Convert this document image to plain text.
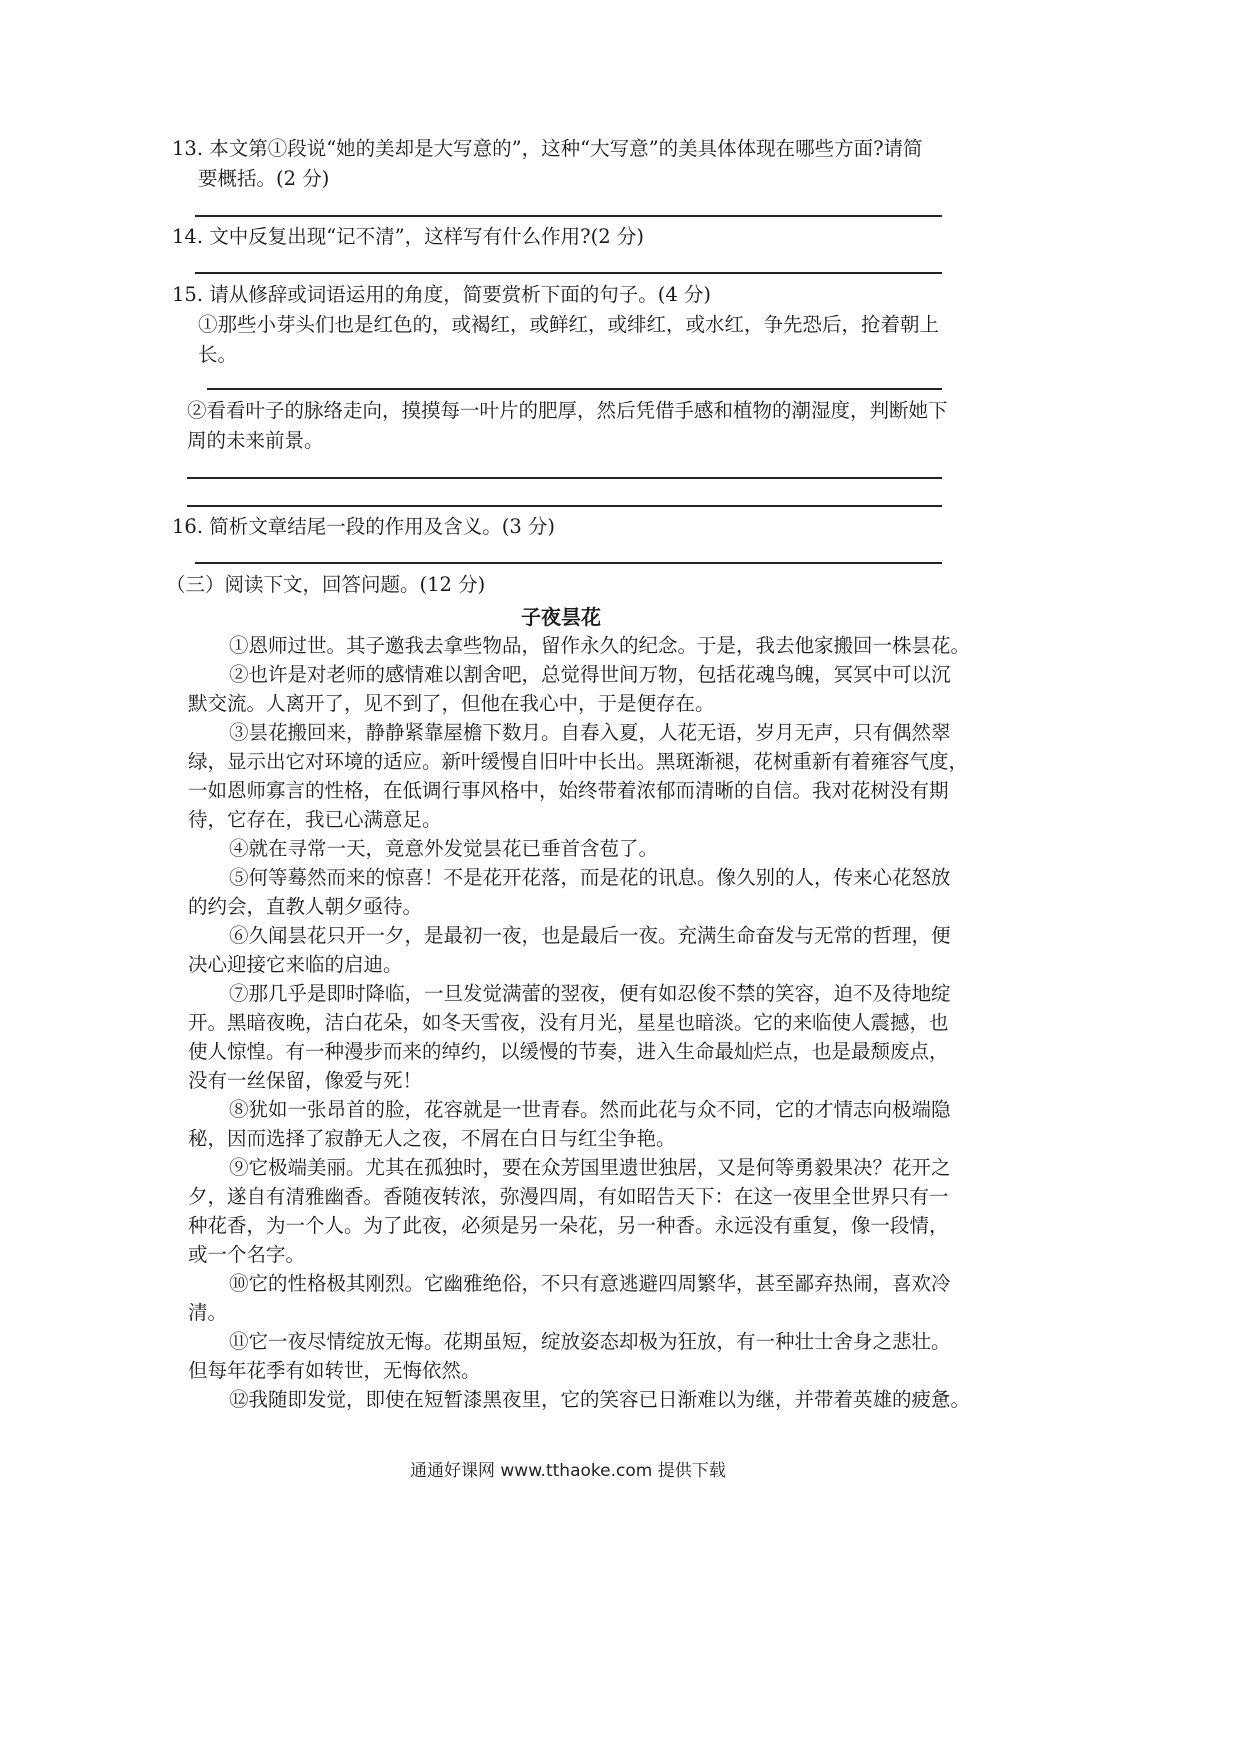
13. 本文第①段说“她的美却是大写意的”，这种“大写意”的美具体体现在哪些方面?请简
要概括。(2 分)
14. 文中反复出现“记不清”，这样写有什么作用?(2 分)
15. 请从修辞或词语运用的角度，简要赏析下面的句子。(4 分)
①那些小芽头们也是红色的，或褐红，或鲜红，或绯红，或水红，争先恐后，抢着朝上
长。
②看看叶子的脉络走向，摸摸每一叶片的肥厚，然后凭借手感和植物的潮湿度，判断她下
周的未来前景。
16. 简析文章结尾一段的作用及含义。(3 分)
（三）阅读下文，回答问题。(12 分)
子夜昙花
①恩师过世。其子邀我去拿些物品，留作永久的纪念。于是，我去他家搬回一株昙花。
②也许是对老师的感情难以割舍吧，总觉得世间万物，包括花魂鸟魄，冥冥中可以沉
默交流。人离开了，见不到了，但他在我心中，于是便存在。
③昙花搬回来，静静紧靠屋檐下数月。自春入夏，人花无语，岁月无声，只有偶然翠
绿，显示出它对环境的适应。新叶缓慢自旧叶中长出。黑斑渐褪，花树重新有着雍容气度，
一如恩师寡言的性格，在低调行事风格中，始终带着浓郁而清晰的自信。我对花树没有期
待，它存在，我已心满意足。
④就在寻常一天，竟意外发觉昙花已垂首含苞了。
⑤何等蓦然而来的惊喜！不是花开花落，而是花的讯息。像久别的人，传来心花怒放
的约会，直教人朝夕亟待。
⑥久闻昙花只开一夕，是最初一夜，也是最后一夜。充满生命奋发与无常的哲理，便
决心迎接它来临的启迪。
⑦那几乎是即时降临，一旦发觉满蕾的翌夜，便有如忍俊不禁的笑容，迫不及待地绽
开。黑暗夜晚，洁白花朵，如冬天雪夜，没有月光，星星也暗淡。它的来临使人震撼，也
使人惊惶。有一种漫步而来的绰约，以缓慢的节奏，进入生命最灿烂点，也是最颓废点，
没有一丝保留，像爱与死！
⑧犹如一张昂首的脸，花容就是一世青春。然而此花与众不同，它的才情志向极端隐
秘，因而选择了寂静无人之夜，不屑在白日与红尘争艳。
⑨它极端美丽。尤其在孤独时，要在众芳国里遗世独居，又是何等勇毅果决？花开之
夕，遂自有清雅幽香。香随夜转浓，弥漫四周，有如昭告天下：在这一夜里全世界只有一
种花香，为一个人。为了此夜，必须是另一朵花，另一种香。永远没有重复，像一段情，
或一个名字。
⑩它的性格极其刚烈。它幽雅绝俗，不只有意逃避四周繁华，甚至鄙弃热闹，喜欢冷
清。
⑪它一夜尽情绽放无悔。花期虽短，绽放姿态却极为狂放，有一种壮士舍身之悲壮。
但每年花季有如转世，无悔依然。
⑫我随即发觉，即使在短暂漆黑夜里，它的笑容已日渐难以为继，并带着英雄的疲惫。
通通好课网 www.tthaoke.com 提供下载
